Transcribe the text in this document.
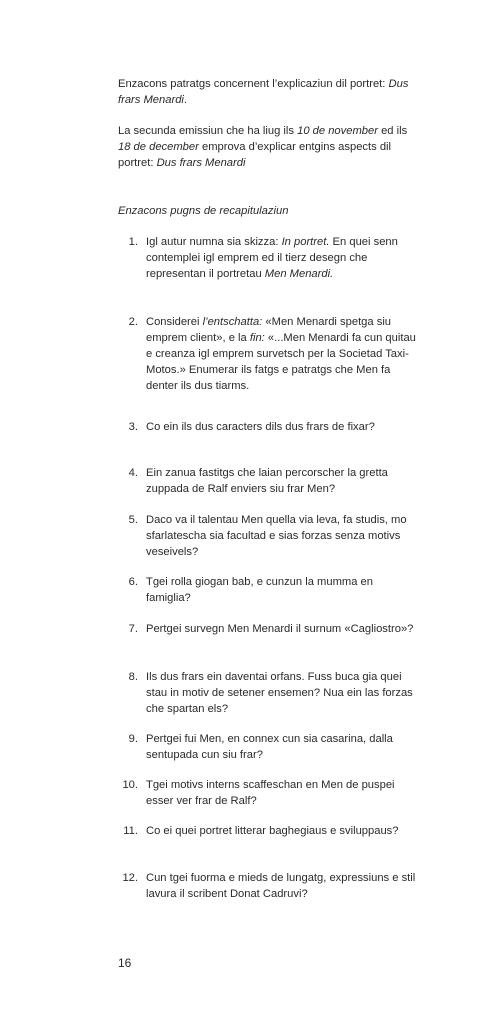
Enzacons patratgs concernent l’explicaziun dil portret: Dus frars Menardi.
La secunda emissiun che ha liug ils 10 de november ed ils 18 de december emprova d’explicar entgins aspects dil portret: Dus frars Menardi
Enzacons pugns de recapitulaziun
1. Igl autur numna sia skizza: In portret. En quei senn contemplei igl emprem ed il tierz desegn che representan il portretau Men Menardi.
2. Considerei l’entschatta: «Men Menardi spetga siu emprem client», e la fin: «...Men Menardi fa cun quitau e creanza igl emprem survetsch per la Societad Taxi-Motos.» Enumerar ils fatgs e patratgs che Men fa denter ils dus tiarms.
3. Co ein ils dus caracters dils dus frars de fixar?
4. Ein zanua fastitgs che laian percorscher la gretta zuppada de Ralf enviers siu frar Men?
5. Daco va il talentau Men quella via leva, fa studis, mo sfarlatescha sia facultad e sias forzas senza motivs veseivels?
6. Tgei rolla giogan bab, e cunzun la mumma en famiglia?
7. Pertgei survegn Men Menardi il surnum «Cagliostro»?
8. Ils dus frars ein daventai orfans. Fuss buca gia quei stau in motiv de setener ensemen? Nua ein las forzas che spartan els?
9. Pertgei fui Men, en connex cun sia casarina, dalla sentupada cun siu frar?
10. Tgei motivs interns scaffeschan en Men de puspei esser ver frar de Ralf?
11. Co ei quei portret litterar baghegiaus e sviluppaus?
12. Cun tgei fuorma e mieds de lungatg, expressiuns e stil lavura il scribent Donat Cadruvi?
16
